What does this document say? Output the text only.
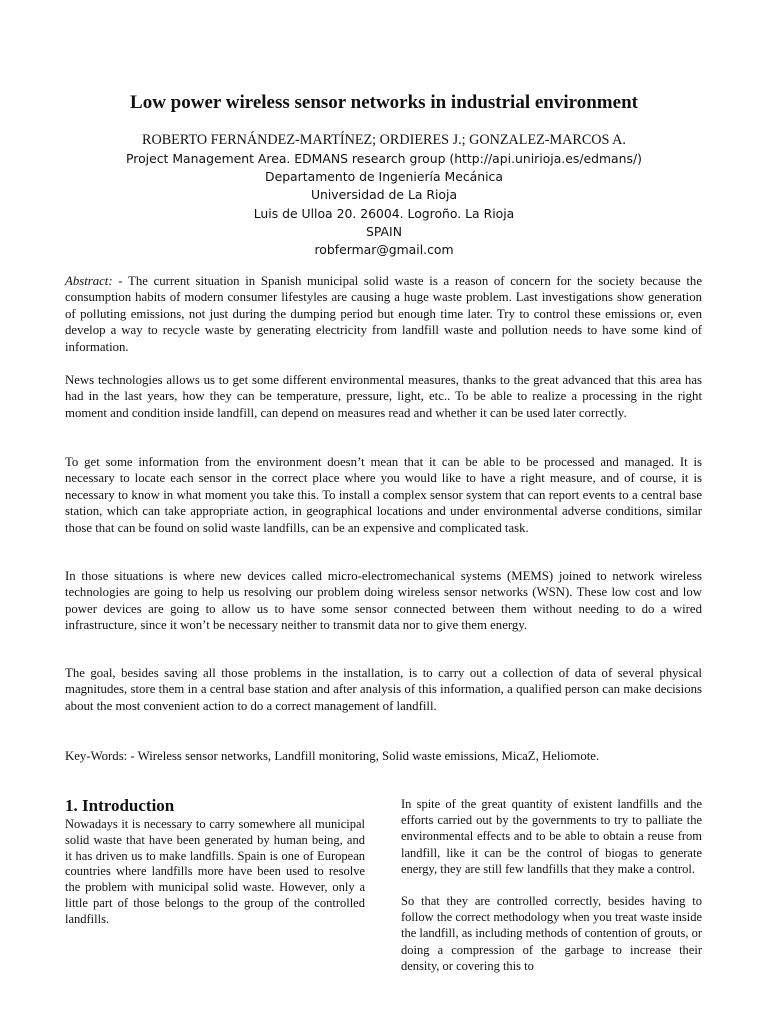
Low power wireless sensor networks in industrial environment
ROBERTO FERNÁNDEZ-MARTÍNEZ; ORDIERES J.; GONZALEZ-MARCOS A.
Project Management Area. EDMANS research group (http://api.unirioja.es/edmans/)
Departamento de Ingeniería Mecánica
Universidad de La Rioja
Luis de Ulloa 20. 26004. Logroño. La Rioja
SPAIN
robfermar@gmail.com

Abstract: - The current situation in Spanish municipal solid waste is a reason of concern for the society because the consumption habits of modern consumer lifestyles are causing a huge waste problem. Last investigations show generation of polluting emissions, not just during the dumping period but enough time later. Try to control these emissions or, even develop a way to recycle waste by generating electricity from landfill waste and pollution needs to have some kind of information.

News technologies allows us to get some different environmental measures, thanks to the great advanced that this area has had in the last years, how they can be temperature, pressure, light, etc.. To be able to realize a processing in the right moment and condition inside landfill, can depend on measures read and whether it can be used later correctly.

To get some information from the environment doesn’t mean that it can be able to be processed and managed. It is necessary to locate each sensor in the correct place where you would like to have a right measure, and of course, it is necessary to know in what moment you take this. To install a complex sensor system that can report events to a central base station, which can take appropriate action, in geographical locations and under environmental adverse conditions, similar those that can be found on solid waste landfills, can be an expensive and complicated task.

In those situations is where new devices called micro-electromechanical systems (MEMS) joined to network wireless technologies are going to help us resolving our problem doing wireless sensor networks (WSN). These low cost and low power devices are going to allow us to have some sensor connected between them without needing to do a wired infrastructure, since it won’t be necessary neither to transmit data nor to give them energy.

The goal, besides saving all those problems in the installation, is to carry out a collection of data of several physical magnitudes, store them in a central base station and after analysis of this information, a qualified person can make decisions about the most convenient action to do a correct management of landfill.

Key-Words: - Wireless sensor networks, Landfill monitoring, Solid waste emissions, MicaZ, Heliomote.
1. Introduction

Nowadays it is necessary to carry somewhere all municipal solid waste that have been generated by human being, and it has driven us to make landfills. Spain is one of European countries where landfills more have been used to resolve the problem with municipal solid waste. However, only a little part of those belongs to the group of the controlled landfills.

In spite of the great quantity of existent landfills and the efforts carried out by the governments to try to palliate the environmental effects and to be able to obtain a reuse from landfill, like it can be the control of biogas to generate energy, they are still few landfills that they make a control.

So that they are controlled correctly, besides having to follow the correct methodology when you treat waste inside the landfill, as including methods of contention of grouts, or doing a compression of the garbage to increase their density, or covering this to
